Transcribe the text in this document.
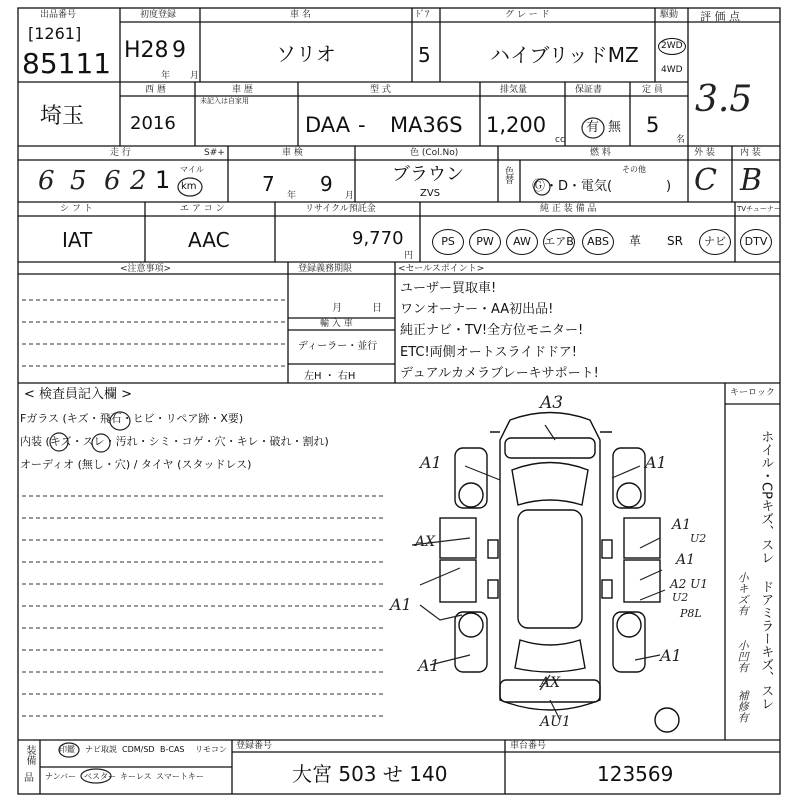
出品番号
[1261]
85111
初度登録
H28 9
年 月
車 名
ソリオ
ﾄﾞｱ
5
グ レ ー ド
ハイブリッドMZ
駆動
2WD
4WD
評 価 点
3.5
埼玉
西 暦
2016
車 歴
未記入は自家用
型 式
DAA - MA36S
排気量
1,200
cc
保証書
有 無
定 員
5
名
走 行
6 5 6 2 1 マイル
km
S#+	車 検
7 年 9 月
色 (Col.No)
ブラウン
ZVS
色替
燃 料
Ⓖ・D・電気(
その他
)
外 装
C
内 装
B
シ フ ト
IAT
エ ア コ ン
AAC
リサイクル預託金
9,770
円
純 正 装 備 品	TVチューナー
PS	PW	AW	エアB	ABS	革	SR	ナビ	DTV
<注意事項>	登録義務期限
月	日
輸 入 車
ディーラー・並行
左H ・ 右H
<セールスポイント>
ユーザー買取車!
ワンオーナー・AA初出品!
純正ナビ・TV!全方位モニター!
ETC!両側オートスライドドア!
デュアルカメラブレーキサポート!
< 検査員記入欄 >
Fガラス (キズ・飛石・ヒビ・リペア跡・X要)
内装 (キズ・スレ・汚れ・シミ・コゲ・穴・キレ・破れ・割れ)
オーディオ (無し・穴) / タイヤ (スタッドレス)
キーロック
A3
A1	A1
A1
A1
A1
A1
A1
AX
A2 U1
U2
P8L
U2
AX
AU1
ホイル・CPキズ、スレ
ドアミラーキズ、スレ
小キズ有
小凹有
補修有
装備
品
印鑑 ナビ取説 CDM/SD B-CAS リモコン
ナンバー ベスター キーレス スマートキー
登録番号
大宮 503 せ 140
車台番号
123569
